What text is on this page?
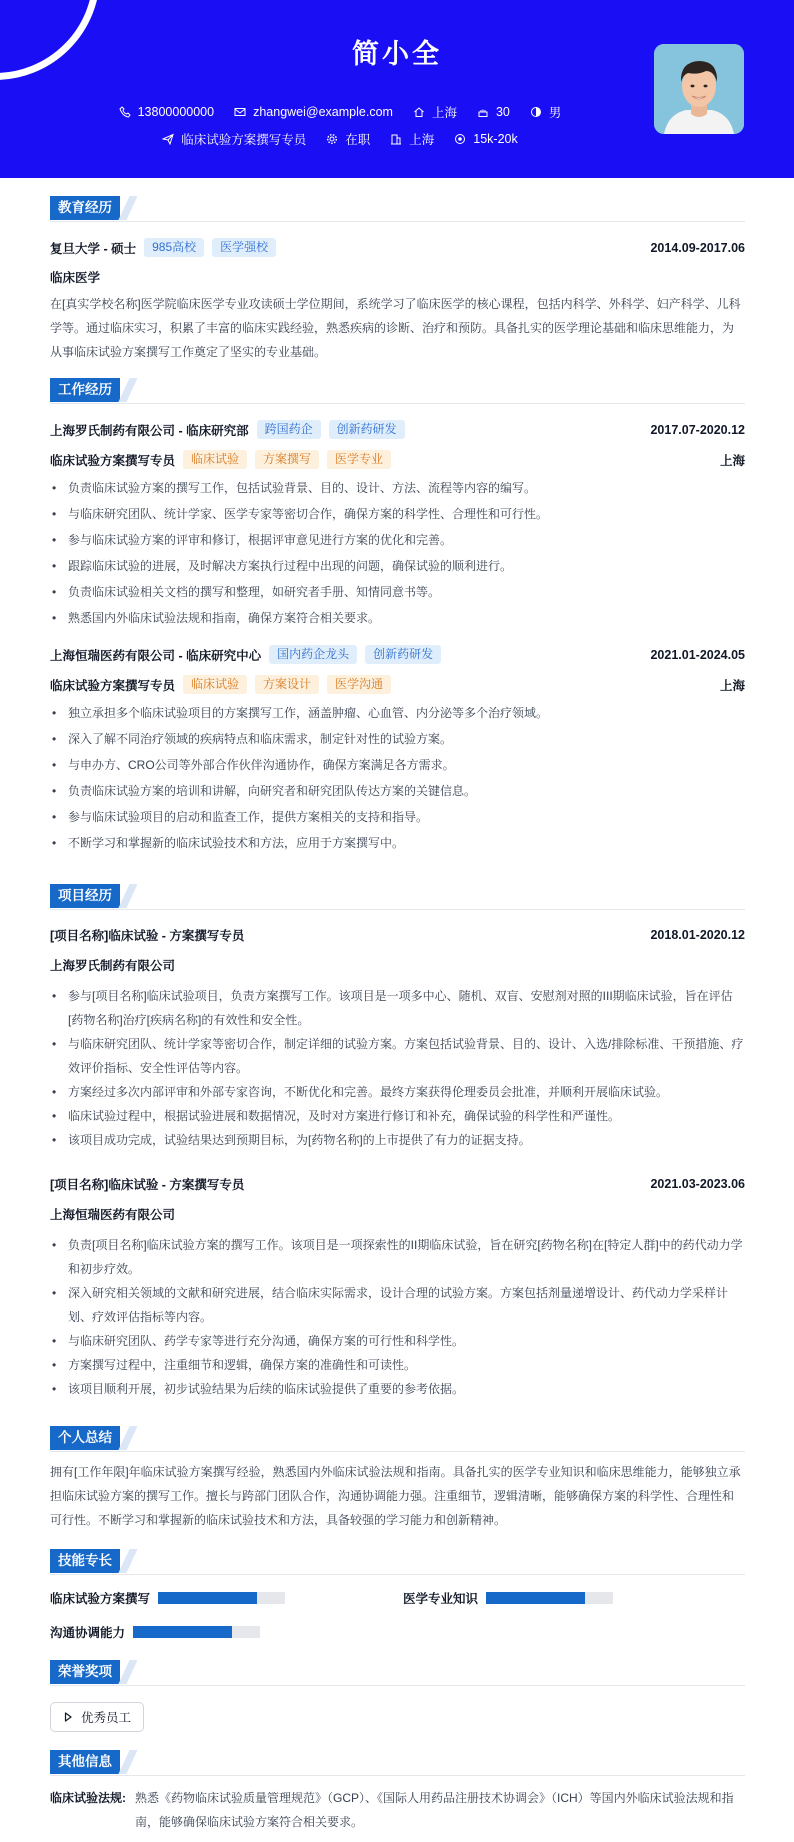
简小全
13800000000	zhangwei@example.com	上海	30	男
临床试验方案撰写专员	在职	上海	15k-20k
教育经历
复旦大学 - 硕士	985高校	医学强校	2014.09-2017.06
临床医学
在[真实学校名称]医学院临床医学专业攻读硕士学位期间，系统学习了临床医学的核心课程，包括内科学、外科学、妇产科学、儿科学等。通过临床实习，积累了丰富的临床实践经验，熟悉疾病的诊断、治疗和预防。具备扎实的医学理论基础和临床思维能力，为从事临床试验方案撰写工作奠定了坚实的专业基础。
工作经历
上海罗氏制药有限公司 - 临床研究部	跨国药企	创新药研发	2017.07-2020.12
临床试验方案撰写专员	临床试验	方案撰写	医学专业	上海
• 负责临床试验方案的撰写工作，包括试验背景、目的、设计、方法、流程等内容的编写。
• 与临床研究团队、统计学家、医学专家等密切合作，确保方案的科学性、合理性和可行性。
• 参与临床试验方案的评审和修订，根据评审意见进行方案的优化和完善。
• 跟踪临床试验的进展，及时解决方案执行过程中出现的问题，确保试验的顺利进行。
• 负责临床试验相关文档的撰写和整理，如研究者手册、知情同意书等。
• 熟悉国内外临床试验法规和指南，确保方案符合相关要求。
上海恒瑞医药有限公司 - 临床研究中心	国内药企龙头	创新药研发	2021.01-2024.05
临床试验方案撰写专员	临床试验	方案设计	医学沟通	上海
• 独立承担多个临床试验项目的方案撰写工作，涵盖肿瘤、心血管、内分泌等多个治疗领域。
• 深入了解不同治疗领域的疾病特点和临床需求，制定针对性的试验方案。
• 与申办方、CRO公司等外部合作伙伴沟通协作，确保方案满足各方需求。
• 负责临床试验方案的培训和讲解，向研究者和研究团队传达方案的关键信息。
• 参与临床试验项目的启动和监查工作，提供方案相关的支持和指导。
• 不断学习和掌握新的临床试验技术和方法，应用于方案撰写中。
项目经历
[项目名称]临床试验 - 方案撰写专员	2018.01-2020.12
上海罗氏制药有限公司
• 参与[项目名称]临床试验项目，负责方案撰写工作。该项目是一项多中心、随机、双盲、安慰剂对照的III期临床试验，旨在评估[药物名称]治疗[疾病名称]的有效性和安全性。
• 与临床研究团队、统计学家等密切合作，制定详细的试验方案。方案包括试验背景、目的、设计、入选/排除标准、干预措施、疗效评价指标、安全性评估等内容。
• 方案经过多次内部评审和外部专家咨询，不断优化和完善。最终方案获得伦理委员会批准，并顺利开展临床试验。
• 临床试验过程中，根据试验进展和数据情况，及时对方案进行修订和补充，确保试验的科学性和严谨性。
• 该项目成功完成，试验结果达到预期目标，为[药物名称]的上市提供了有力的证据支持。
[项目名称]临床试验 - 方案撰写专员	2021.03-2023.06
上海恒瑞医药有限公司
• 负责[项目名称]临床试验方案的撰写工作。该项目是一项探索性的II期临床试验，旨在研究[药物名称]在[特定人群]中的药代动力学和初步疗效。
• 深入研究相关领域的文献和研究进展，结合临床实际需求，设计合理的试验方案。方案包括剂量递增设计、药代动力学采样计划、疗效评估指标等内容。
• 与临床研究团队、药学专家等进行充分沟通，确保方案的可行性和科学性。
• 方案撰写过程中，注重细节和逻辑，确保方案的准确性和可读性。
• 该项目顺利开展，初步试验结果为后续的临床试验提供了重要的参考依据。
个人总结
拥有[工作年限]年临床试验方案撰写经验，熟悉国内外临床试验法规和指南。具备扎实的医学专业知识和临床思维能力，能够独立承担临床试验方案的撰写工作。擅长与跨部门团队合作，沟通协调能力强。注重细节，逻辑清晰，能够确保方案的科学性、合理性和可行性。不断学习和掌握新的临床试验技术和方法，具备较强的学习能力和创新精神。
技能专长
临床试验方案撰写	医学专业知识
沟通协调能力
荣誉奖项
优秀员工
其他信息
临床试验法规: 熟悉《药物临床试验质量管理规范》（GCP）、《国际人用药品注册技术协调会》（ICH）等国内外临床试验法规和指南，能够确保临床试验方案符合相关要求。
